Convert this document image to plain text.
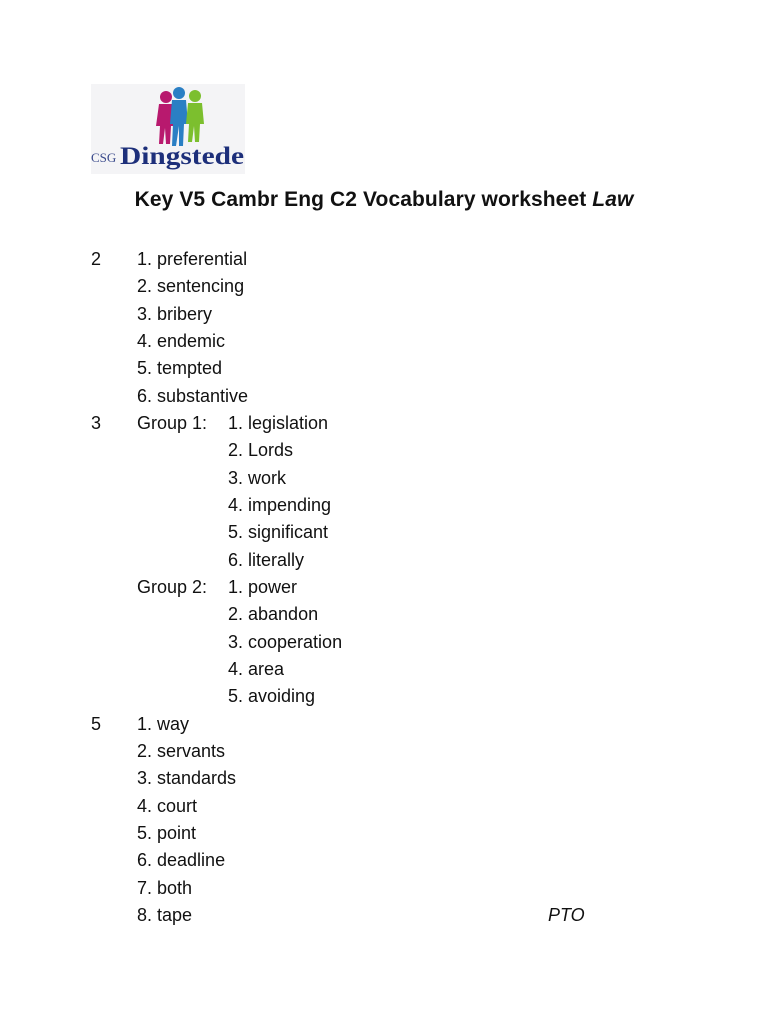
CSG Dingstede
Key V5 Cambr Eng C2 Vocabulary worksheet Law
2 1. preferential
2. sentencing
3. bribery
4. endemic
5. tempted
6. substantive
3 Group 1: 1. legislation
2. Lords
3. work
4. impending
5. significant
6. literally
Group 2: 1. power
2. abandon
3. cooperation
4. area
5. avoiding
5 1. way
2. servants
3. standards
4. court
5. point
6. deadline
7. both
8. tape	PTO
